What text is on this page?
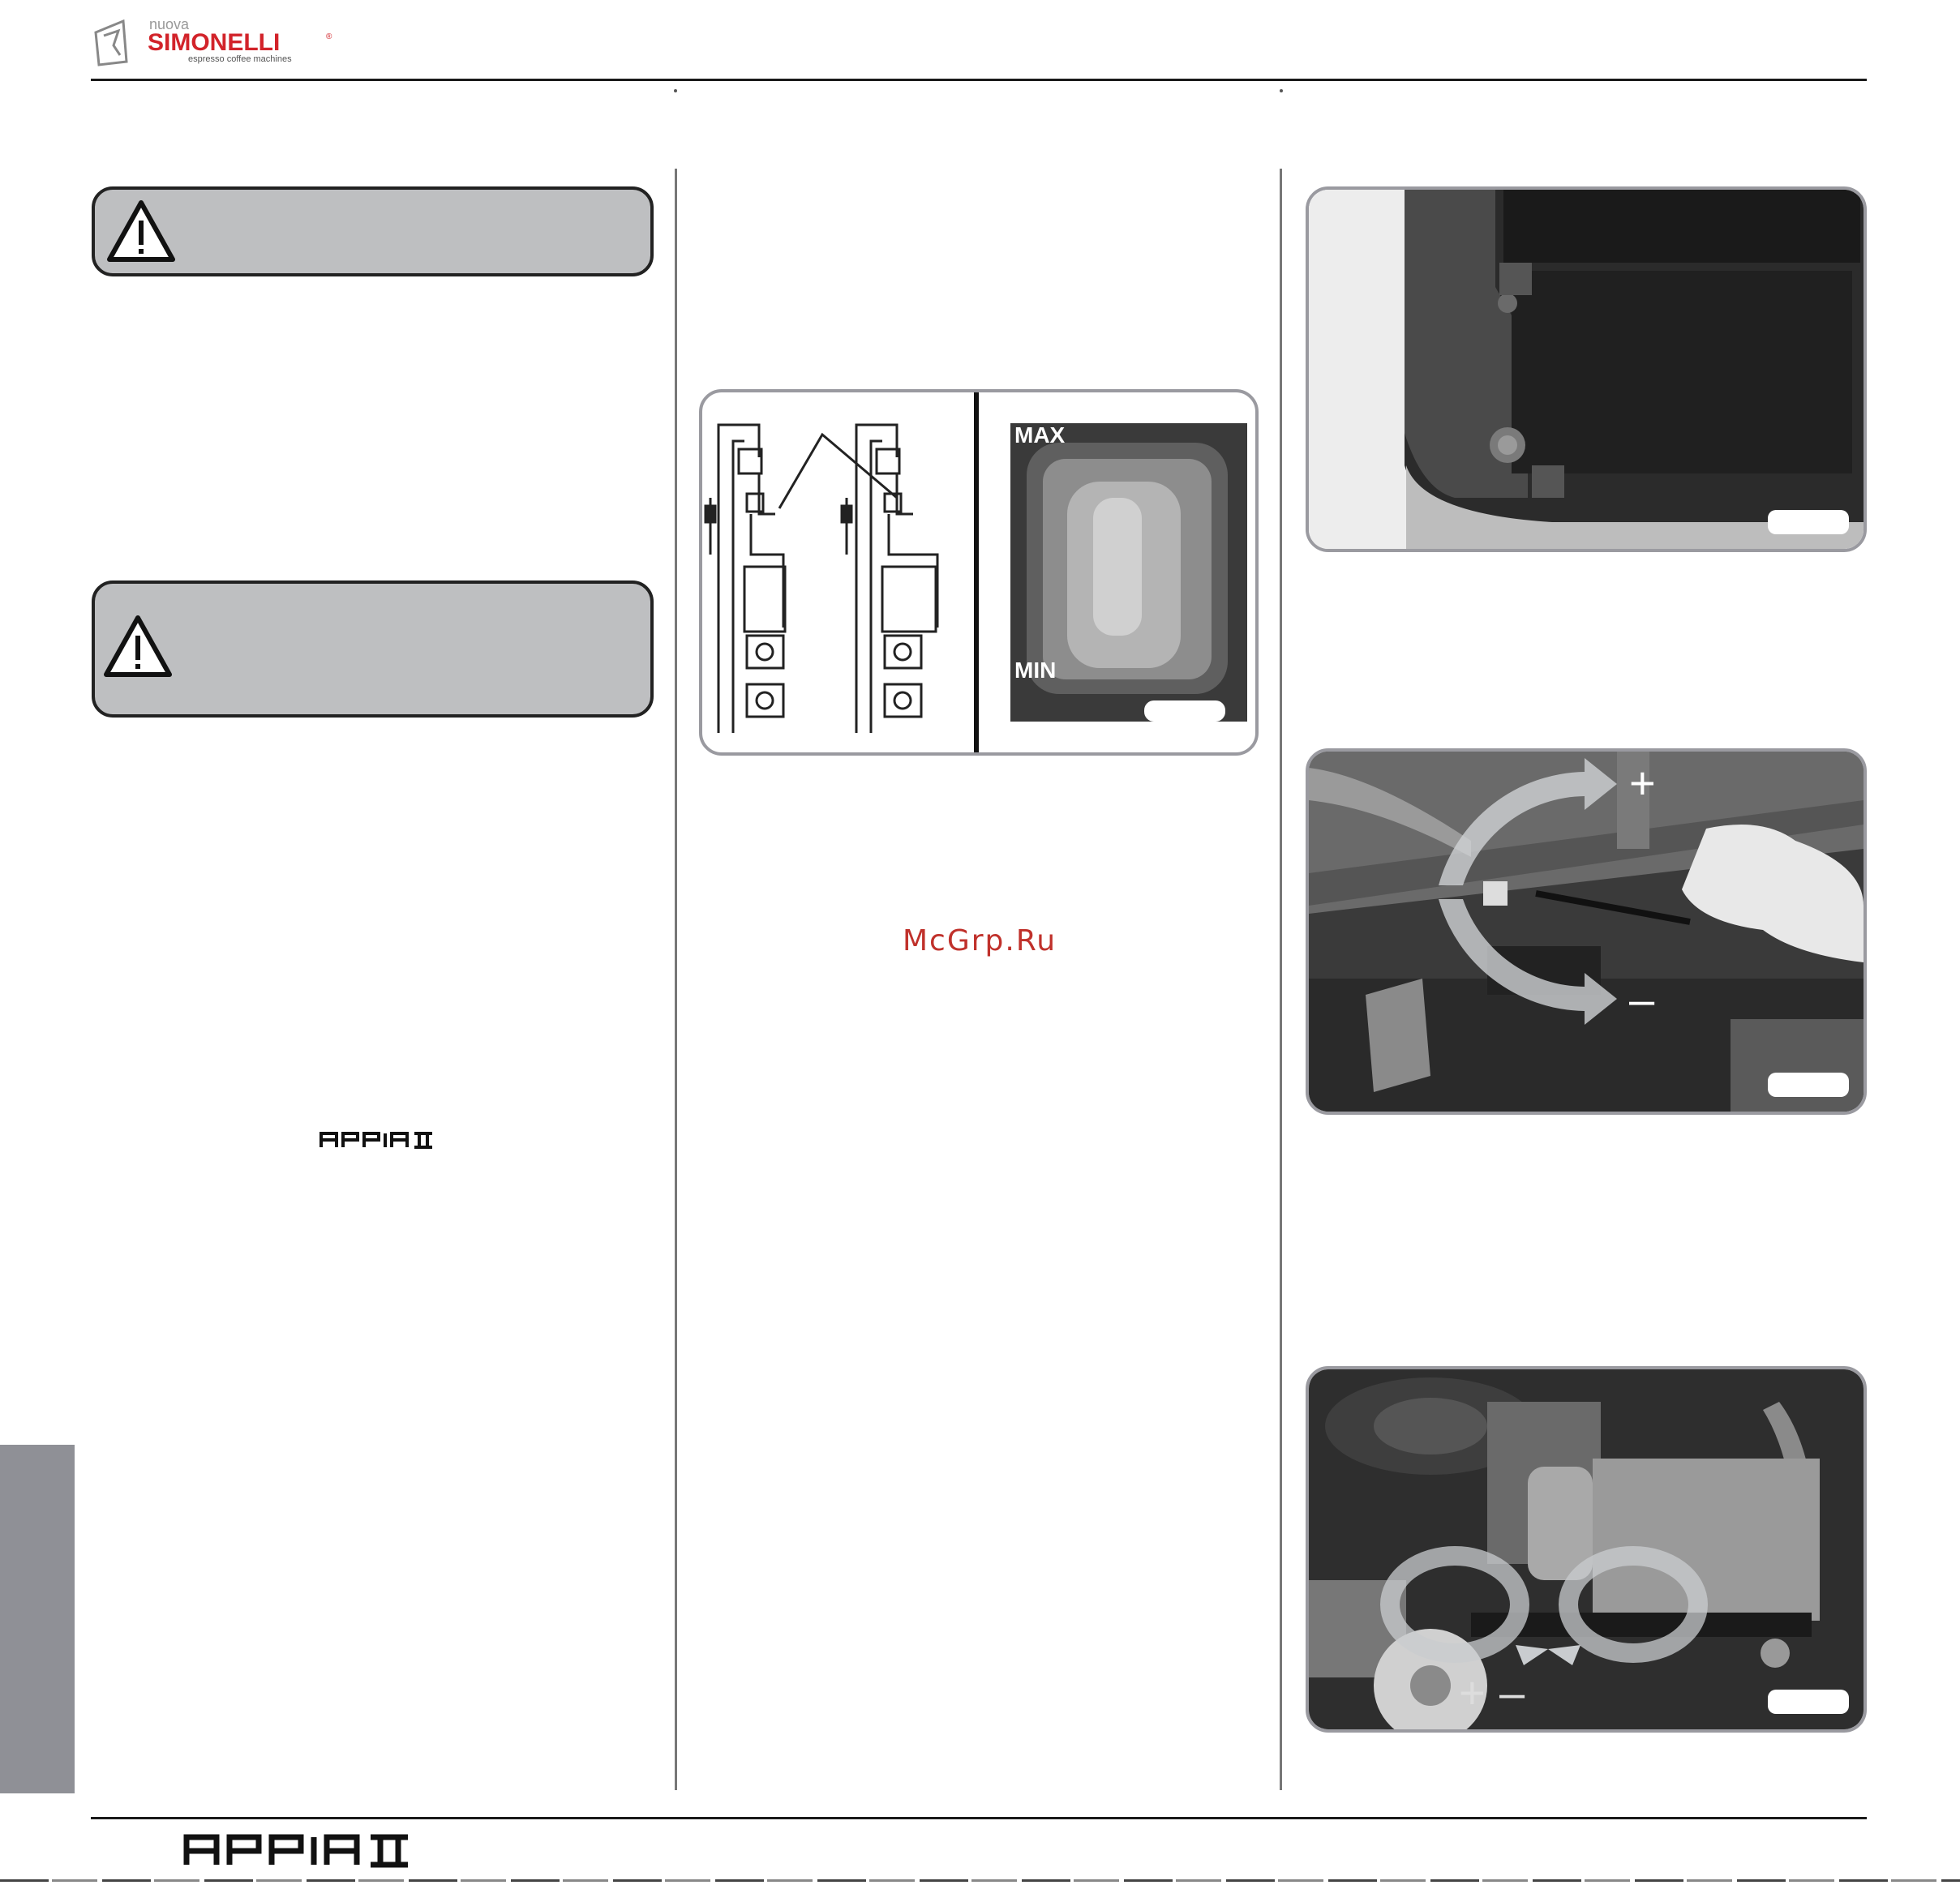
nuova
SIMONELLI	®
espresso coffee machines
MAX
MIN
McGrp.Ru
+
–
+ –
